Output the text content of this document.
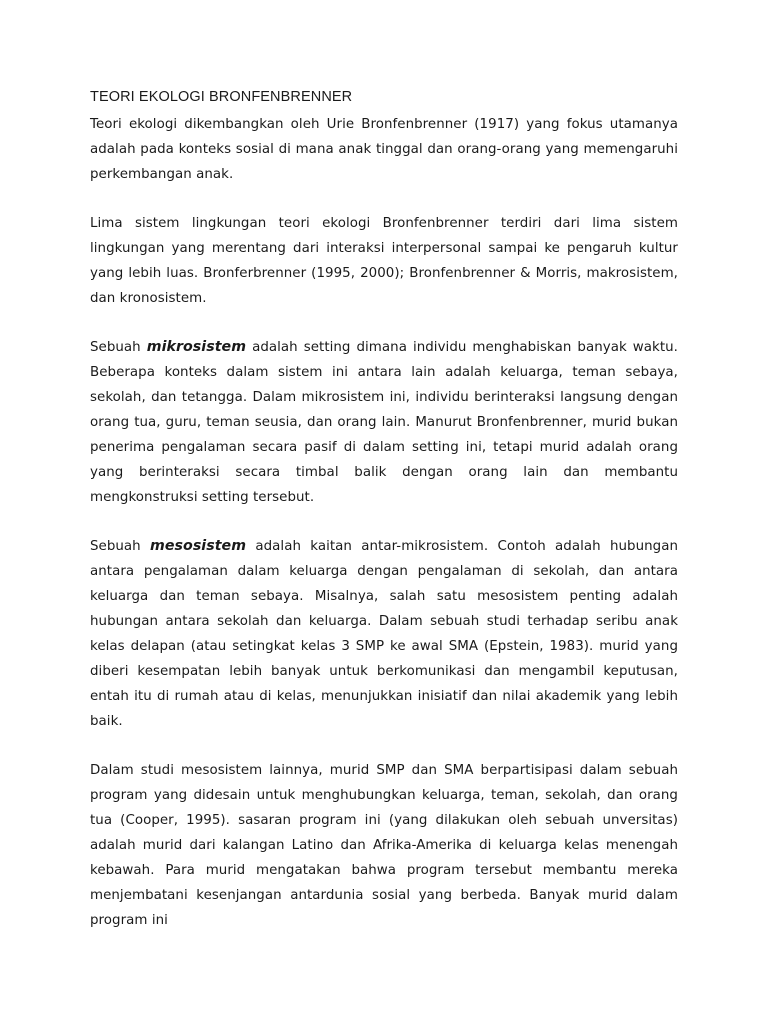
TEORI EKOLOGI BRONFENBRENNER

Teori ekologi dikembangkan oleh Urie Bronfenbrenner (1917) yang fokus utamanya adalah pada konteks sosial di mana anak tinggal dan orang-orang yang memengaruhi perkembangan anak.

Lima sistem lingkungan teori ekologi Bronfenbrenner terdiri dari lima sistem lingkungan yang merentang dari interaksi interpersonal sampai ke pengaruh kultur yang lebih luas. Bronferbrenner (1995, 2000); Bronfenbrenner & Morris, makrosistem, dan kronosistem.

Sebuah mikrosistem adalah setting dimana individu menghabiskan banyak waktu. Beberapa konteks dalam sistem ini antara lain adalah keluarga, teman sebaya, sekolah, dan tetangga. Dalam mikrosistem ini, individu berinteraksi langsung dengan orang tua, guru, teman seusia, dan orang lain. Manurut Bronfenbrenner, murid bukan penerima pengalaman secara pasif di dalam setting ini, tetapi murid adalah orang yang berinteraksi secara timbal balik dengan orang lain dan membantu mengkonstruksi setting tersebut.

Sebuah mesosistem adalah kaitan antar-mikrosistem. Contoh adalah hubungan antara pengalaman dalam keluarga dengan pengalaman di sekolah, dan antara keluarga dan teman sebaya. Misalnya, salah satu mesosistem penting adalah hubungan antara sekolah dan keluarga. Dalam sebuah studi terhadap seribu anak kelas delapan (atau setingkat kelas 3 SMP ke awal SMA (Epstein, 1983). murid yang diberi kesempatan lebih banyak untuk berkomunikasi dan mengambil keputusan, entah itu di rumah atau di kelas, menunjukkan inisiatif dan nilai akademik yang lebih baik.

Dalam studi mesosistem lainnya, murid SMP dan SMA berpartisipasi dalam sebuah program yang didesain untuk menghubungkan keluarga, teman, sekolah, dan orang tua (Cooper, 1995). sasaran program ini (yang dilakukan oleh sebuah unversitas) adalah murid dari kalangan Latino dan Afrika-Amerika di keluarga kelas menengah kebawah. Para murid mengatakan bahwa program tersebut membantu mereka menjembatani kesenjangan antardunia sosial yang berbeda. Banyak murid dalam program ini
